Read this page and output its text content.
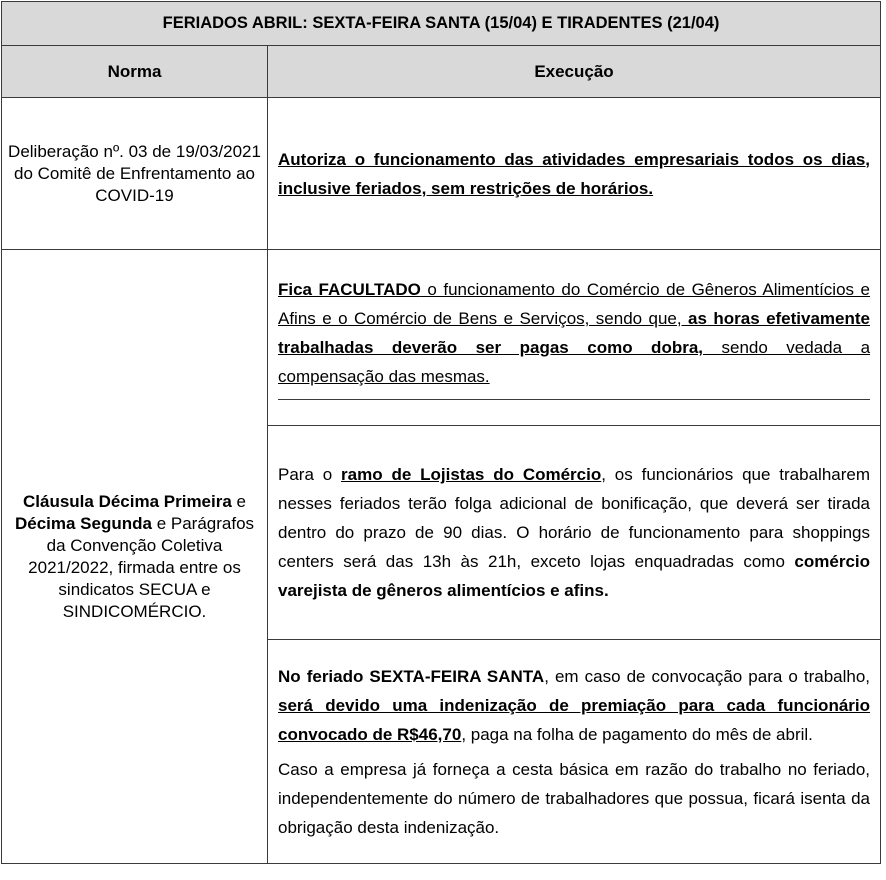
FERIADOS ABRIL: SEXTA-FEIRA SANTA (15/04) E TIRADENTES (21/04)	
Norma	Execução
Deliberação nº. 03 de 19/03/2021 do Comitê de Enfrentamento ao COVID-19	Autoriza o funcionamento das atividades empresariais todos os dias, inclusive feriados, sem restrições de horários.
Cláusula Décima Primeira e Décima Segunda e Parágrafos da Convenção Coletiva 2021/2022, firmada entre os sindicatos SECUA e SINDICOMÉRCIO.	Fica FACULTADO o funcionamento do Comércio de Gêneros Alimentícios e Afins e o Comércio de Bens e Serviços, sendo que, as horas efetivamente trabalhadas deverão ser pagas como dobra, sendo vedada a compensação das mesmas.

	Para o ramo de Lojistas do Comércio, os funcionários que trabalharem nesses feriados terão folga adicional de bonificação, que deverá ser tirada dentro do prazo de 90 dias. O horário de funcionamento para shoppings centers será das 13h às 21h, exceto lojas enquadradas como comércio varejista de gêneros alimentícios e afins.

	No feriado SEXTA-FEIRA SANTA, em caso de convocação para o trabalho, será devido uma indenização de premiação para cada funcionário convocado de R$46,70, paga na folha de pagamento do mês de abril.
Caso a empresa já forneça a cesta básica em razão do trabalho no feriado, independentemente do número de trabalhadores que possua, ficará isenta da obrigação desta indenização.
